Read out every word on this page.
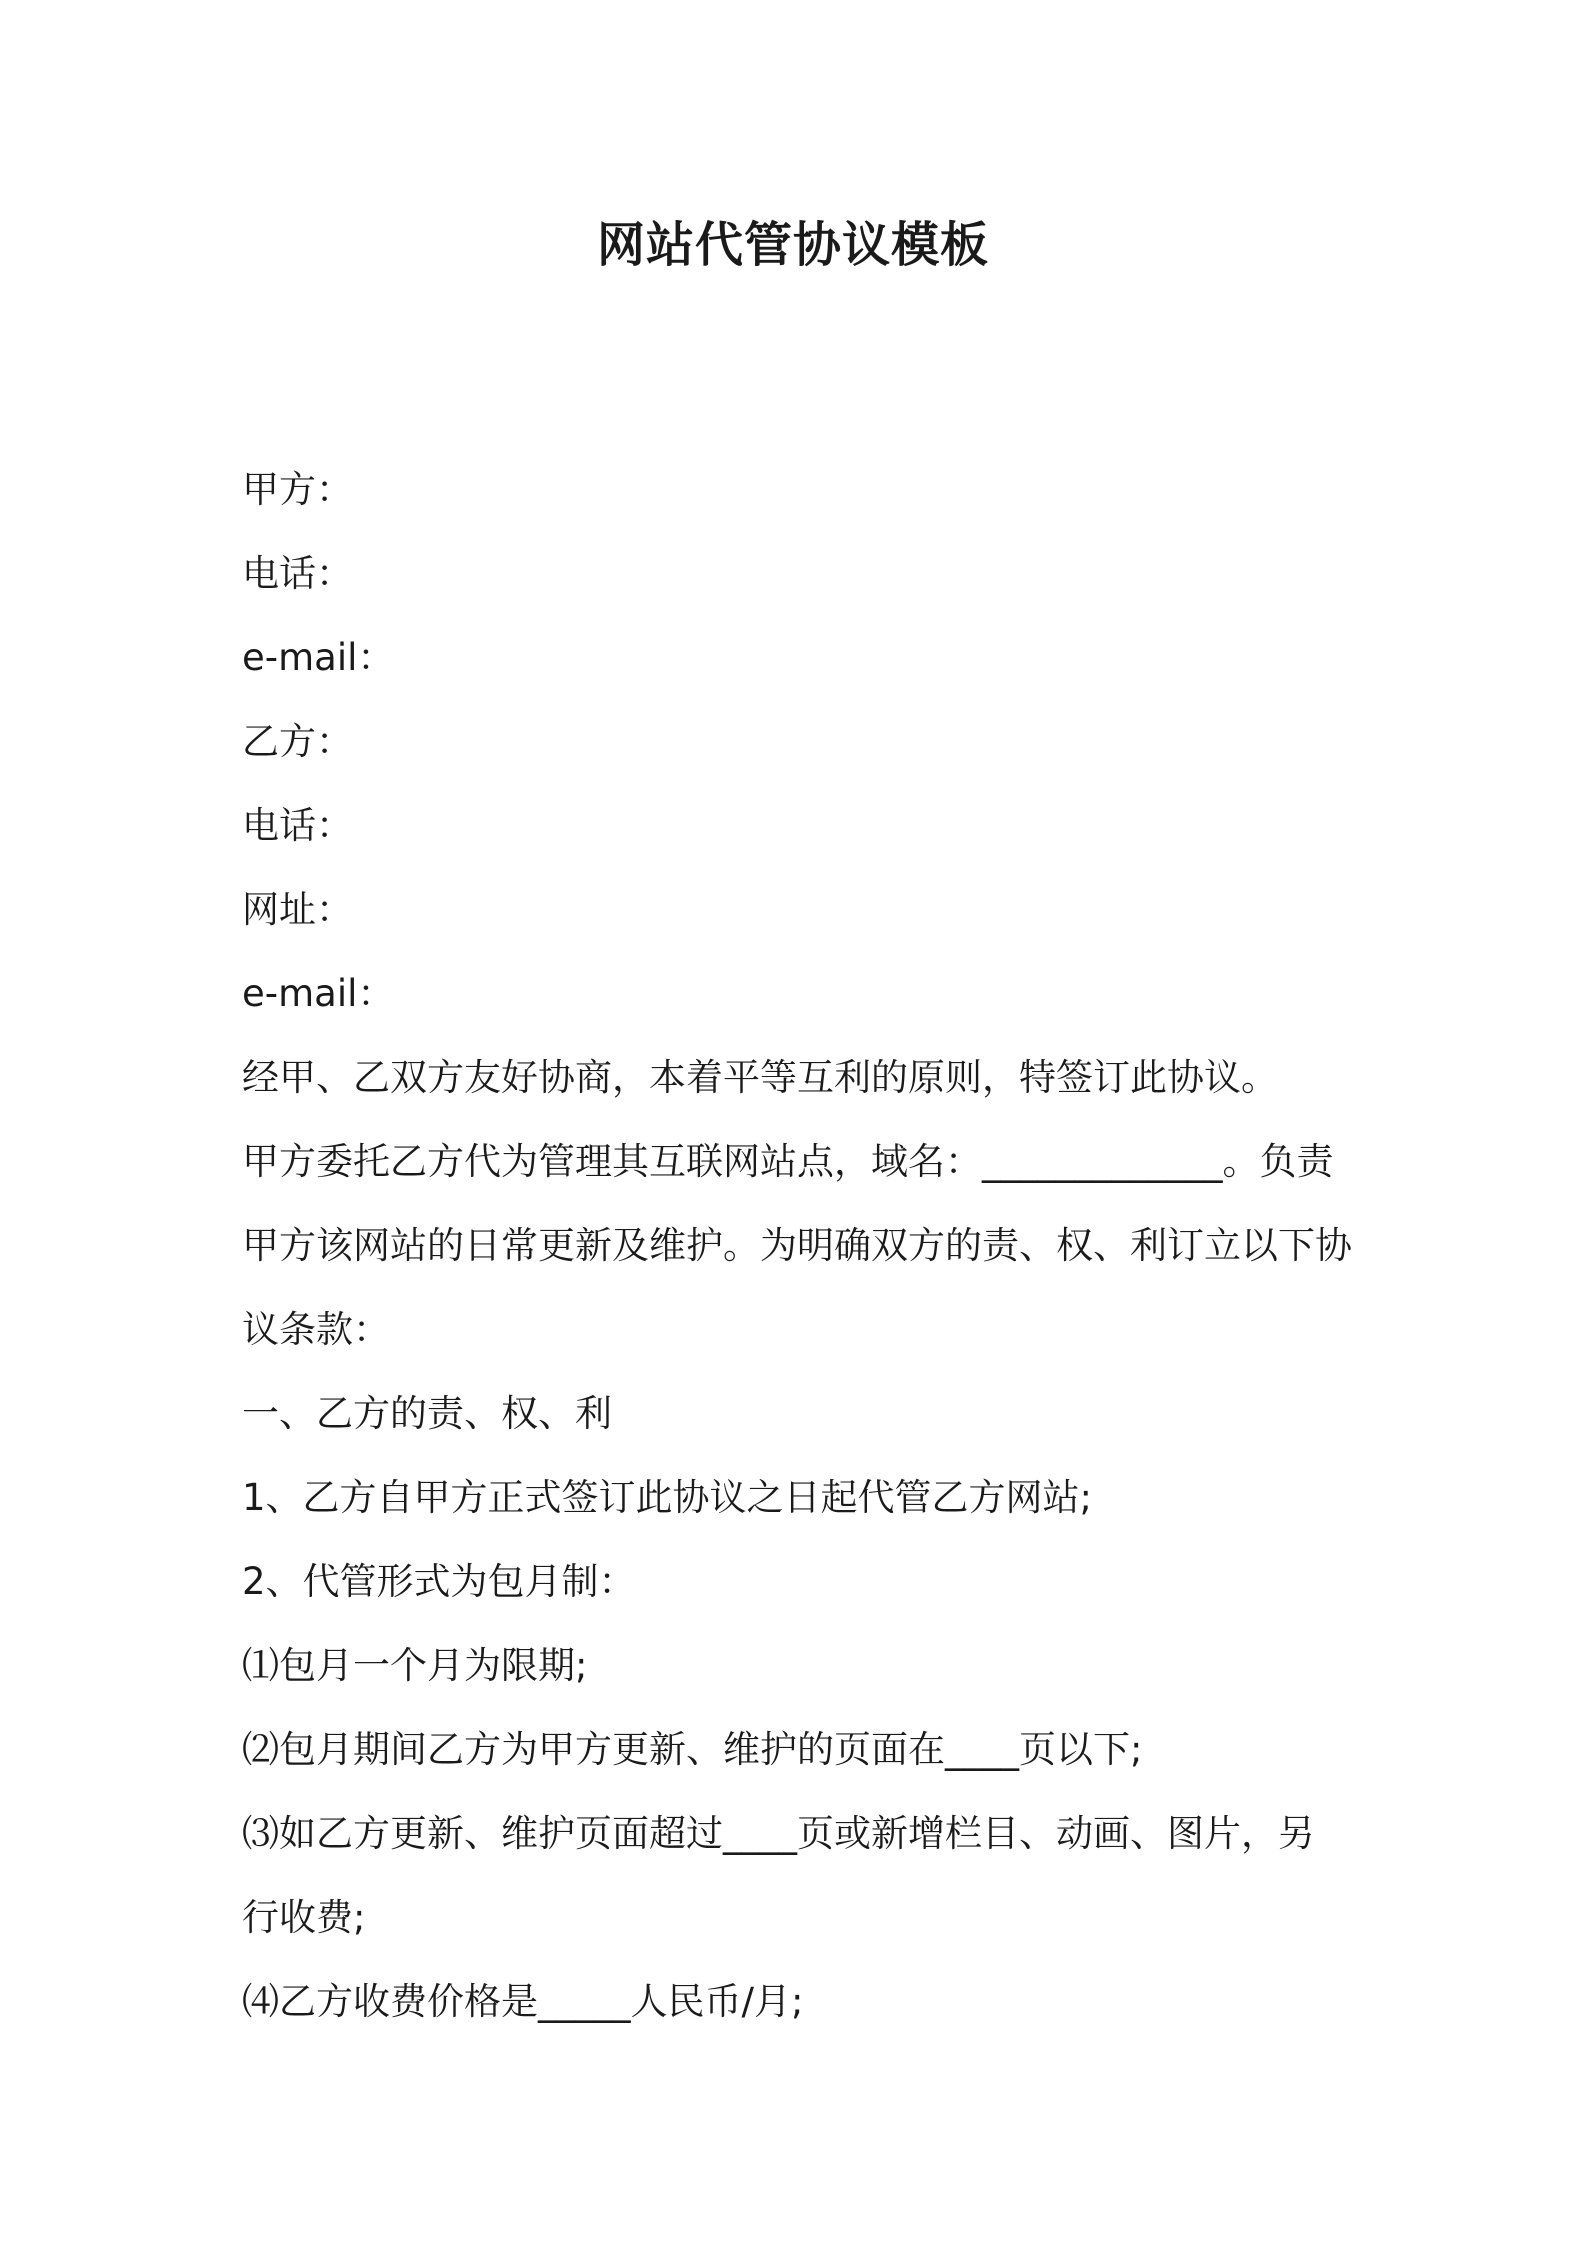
网站代管协议模板

甲方：

电话：

e-mail：

乙方：

电话：

网址：

e-mail：

经甲、乙双方友好协商，本着平等互利的原则，特签订此协议。

甲方委托乙方代为管理其互联网站点，域名：_____________。负责

甲方该网站的日常更新及维护。为明确双方的责、权、利订立以下协

议条款：

一、乙方的责、权、利

1、乙方自甲方正式签订此协议之日起代管乙方网站;

2、代管形式为包月制：

⑴包月一个月为限期;

⑵包月期间乙方为甲方更新、维护的页面在____页以下;

⑶如乙方更新、维护页面超过____页或新增栏目、动画、图片，另

行收费;

⑷乙方收费价格是_____人民币/月;
